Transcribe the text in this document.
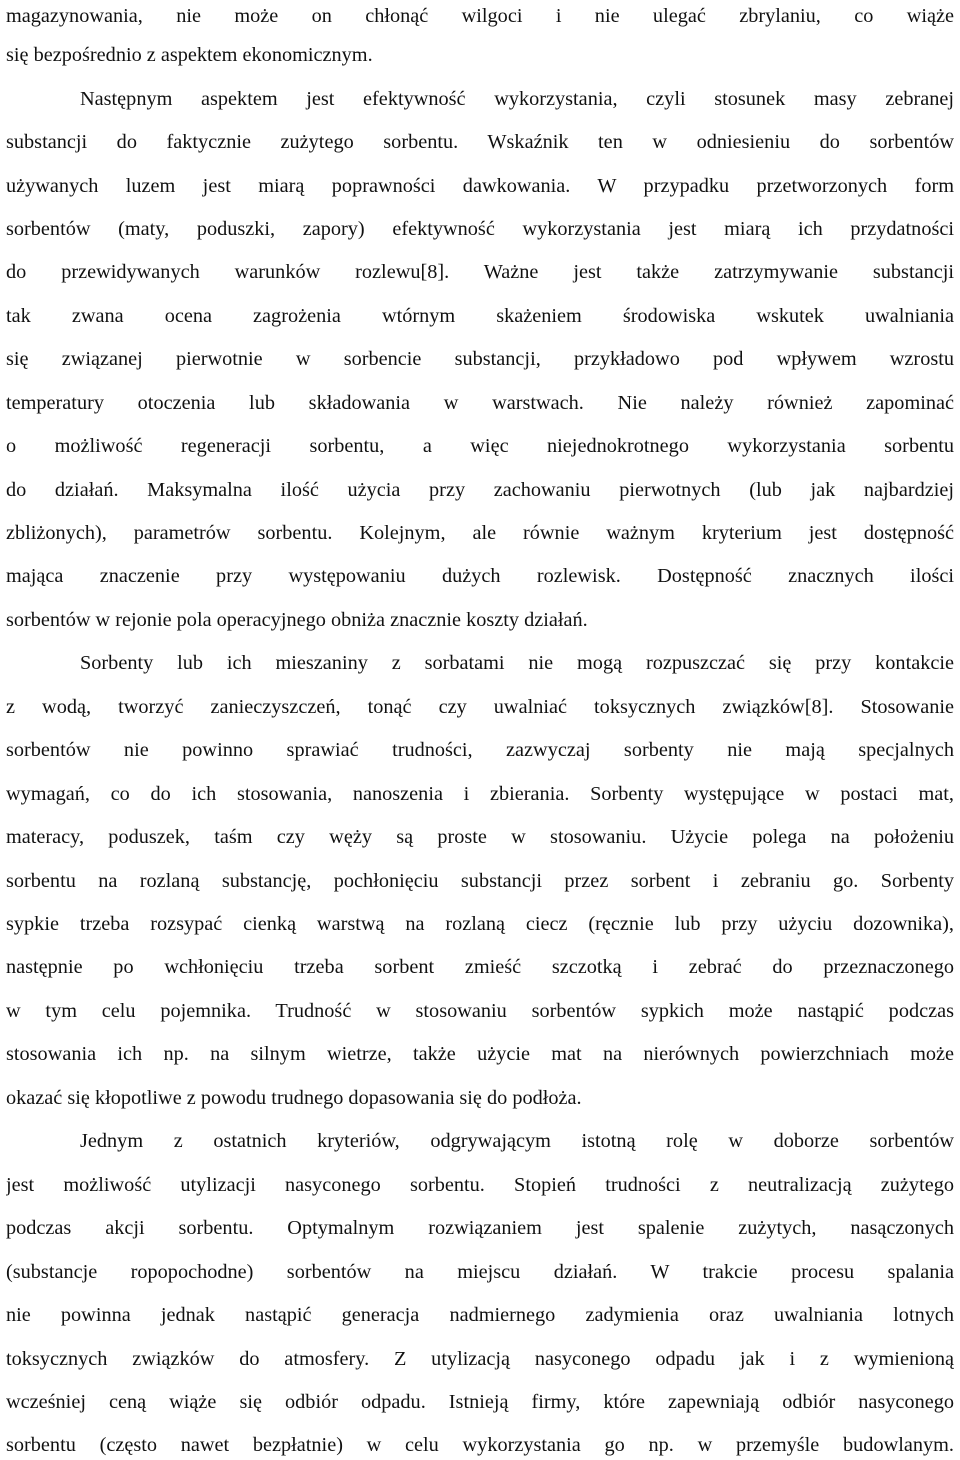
magazynowania, nie może on chłonąć wilgoci i nie ulegać zbrylaniu, co wiąże
się bezpośrednio z aspektem ekonomicznym.
Następnym aspektem jest efektywność wykorzystania, czyli stosunek masy zebranej
substancji do faktycznie zużytego sorbentu. Wskaźnik ten w odniesieniu do sorbentów
używanych luzem jest miarą poprawności dawkowania. W przypadku przetworzonych form
sorbentów (maty, poduszki, zapory) efektywność wykorzystania jest miarą ich przydatności
do przewidywanych warunków rozlewu[8]. Ważne jest także zatrzymywanie substancji
tak zwana ocena zagrożenia wtórnym skażeniem środowiska wskutek uwalniania
się związanej pierwotnie w sorbencie substancji, przykładowo pod wpływem wzrostu
temperatury otoczenia lub składowania w warstwach. Nie należy również zapominać
o możliwość regeneracji sorbentu, a więc niejednokrotnego wykorzystania sorbentu
do działań. Maksymalna ilość użycia przy zachowaniu pierwotnych (lub jak najbardziej
zbliżonych), parametrów sorbentu. Kolejnym, ale równie ważnym kryterium jest dostępność
mająca znaczenie przy występowaniu dużych rozlewisk. Dostępność znacznych ilości
sorbentów w rejonie pola operacyjnego obniża znacznie koszty działań.
Sorbenty lub ich mieszaniny z sorbatami nie mogą rozpuszczać się przy kontakcie
z wodą, tworzyć zanieczyszczeń, tonąć czy uwalniać toksycznych związków[8]. Stosowanie
sorbentów nie powinno sprawiać trudności, zazwyczaj sorbenty nie mają specjalnych
wymagań, co do ich stosowania, nanoszenia i zbierania. Sorbenty występujące w postaci mat,
materacy, poduszek, taśm czy węży są proste w stosowaniu. Użycie polega na położeniu
sorbentu na rozlaną substancję, pochłonięciu substancji przez sorbent i zebraniu go. Sorbenty
sypkie trzeba rozsypać cienką warstwą na rozlaną ciecz (ręcznie lub przy użyciu dozownika),
następnie po wchłonięciu trzeba sorbent zmieść szczotką i zebrać do przeznaczonego
w tym celu pojemnika. Trudność w stosowaniu sorbentów sypkich może nastąpić podczas
stosowania ich np. na silnym wietrze, także użycie mat na nierównych powierzchniach może
okazać się kłopotliwe z powodu trudnego dopasowania się do podłoża.
Jednym z ostatnich kryteriów, odgrywającym istotną rolę w doborze sorbentów
jest możliwość utylizacji nasyconego sorbentu. Stopień trudności z neutralizacją zużytego
podczas akcji sorbentu. Optymalnym rozwiązaniem jest spalenie zużytych, nasączonych
(substancje ropopochodne) sorbentów na miejscu działań. W trakcie procesu spalania
nie powinna jednak nastąpić generacja nadmiernego zadymienia oraz uwalniania lotnych
toksycznych związków do atmosfery. Z utylizacją nasyconego odpadu jak i z wymienioną
wcześniej ceną wiąże się odbiór odpadu. Istnieją firmy, które zapewniają odbiór nasyconego
sorbentu (często nawet bezpłatnie) w celu wykorzystania go np. w przemyśle budowlanym.
